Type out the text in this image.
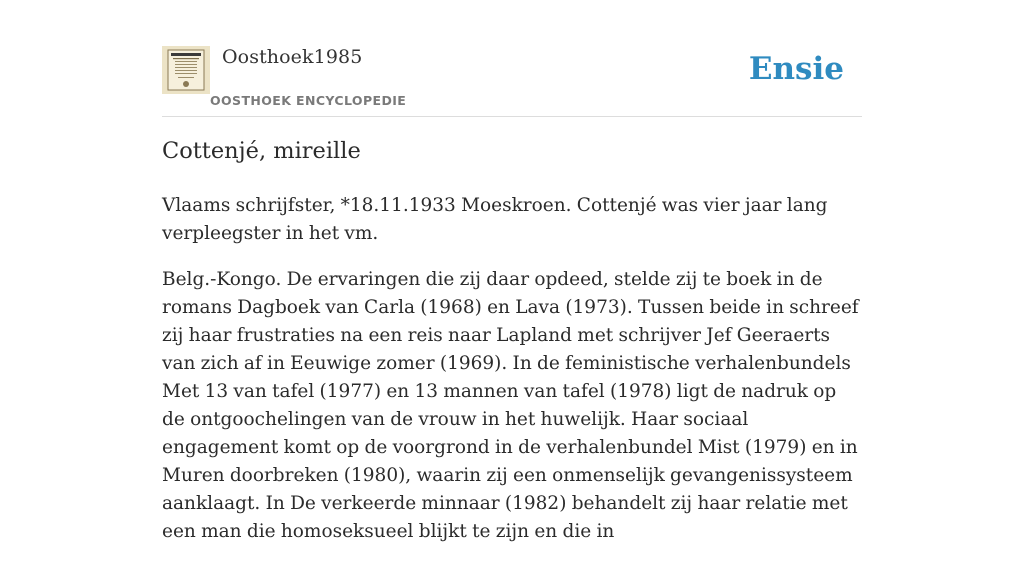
Oosthoek1985
OOSTHOEK ENCYCLOPEDIE
Ensie
Cottenjé, mireille

Vlaams schrijfster, *18.11.1933 Moeskroen. Cottenjé was vier jaar lang verpleegster in het vm.

Belg.-Kongo. De ervaringen die zij daar opdeed, stelde zij te boek in de romans Dagboek van Carla (1968) en Lava (1973). Tussen beide in schreef zij haar frustraties na een reis naar Lapland met schrijver Jef Geeraerts van zich af in Eeuwige zomer (1969). In de feministische verhalenbundels Met 13 van tafel (1977) en 13 mannen van tafel (1978) ligt de nadruk op de ontgoochelingen van de vrouw in het huwelijk. Haar sociaal engagement komt op de voorgrond in de verhalenbundel Mist (1979) en in Muren doorbreken (1980), waarin zij een onmenselijk gevangenissysteem aanklaagt. In De verkeerde minnaar (1982) behandelt zij haar relatie met een man die homoseksueel blijkt te zijn en die in
